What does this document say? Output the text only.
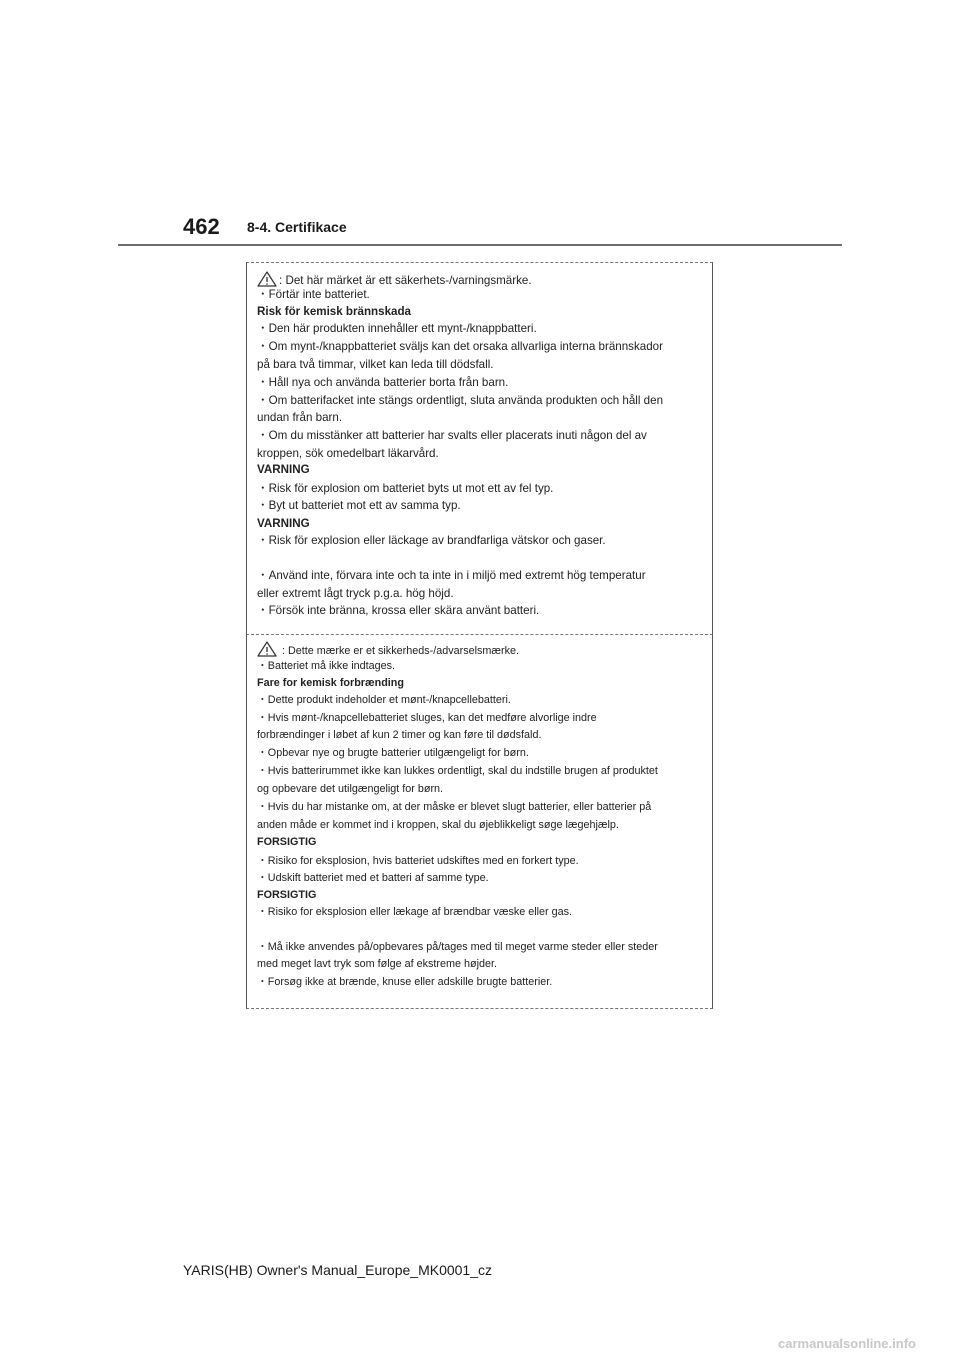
462 8-4. Certifikace
: Det här märket är ett säkerhets-/varningsmärke.
・Förtär inte batteriet.
Risk för kemisk brännskada
・Den här produkten innehåller ett mynt-/knappbatteri.
・Om mynt-/knappbatteriet sväljs kan det orsaka allvarliga interna brännskador
på bara två timmar, vilket kan leda till dödsfall.
・Håll nya och använda batterier borta från barn.
・Om batterifacket inte stängs ordentligt, sluta använda produkten och håll den
undan från barn.
・Om du misstänker att batterier har svalts eller placerats inuti någon del av
kroppen, sök omedelbart läkarvård.
VARNING
・Risk för explosion om batteriet byts ut mot ett av fel typ.
・Byt ut batteriet mot ett av samma typ.
VARNING
・Risk för explosion eller läckage av brandfarliga vätskor och gaser.
・Använd inte, förvara inte och ta inte in i miljö med extremt hög temperatur
eller extremt lågt tryck p.g.a. hög höjd.
・Försök inte bränna, krossa eller skära använt batteri.
: Dette mærke er et sikkerheds-/advarselsmærke.
・Batteriet må ikke indtages.
Fare for kemisk forbrænding
・Dette produkt indeholder et mønt-/knapcellebatteri.
・Hvis mønt-/knapcellebatteriet sluges, kan det medføre alvorlige indre
forbrændinger i løbet af kun 2 timer og kan føre til dødsfald.
・Opbevar nye og brugte batterier utilgængeligt for børn.
・Hvis batterirummet ikke kan lukkes ordentligt, skal du indstille brugen af produktet
og opbevare det utilgængeligt for børn.
・Hvis du har mistanke om, at der måske er blevet slugt batterier, eller batterier på
anden måde er kommet ind i kroppen, skal du øjeblikkeligt søge lægehjælp.
FORSIGTIG
・Risiko for eksplosion, hvis batteriet udskiftes med en forkert type.
・Udskift batteriet med et batteri af samme type.
FORSIGTIG
・Risiko for eksplosion eller lækage af brændbar væske eller gas.
・Må ikke anvendes på/opbevares på/tages med til meget varme steder eller steder
med meget lavt tryk som følge af ekstreme højder.
・Forsøg ikke at brænde, knuse eller adskille brugte batterier.
YARIS(HB) Owner's Manual_Europe_MK0001_cz
carmanualsonline.info
